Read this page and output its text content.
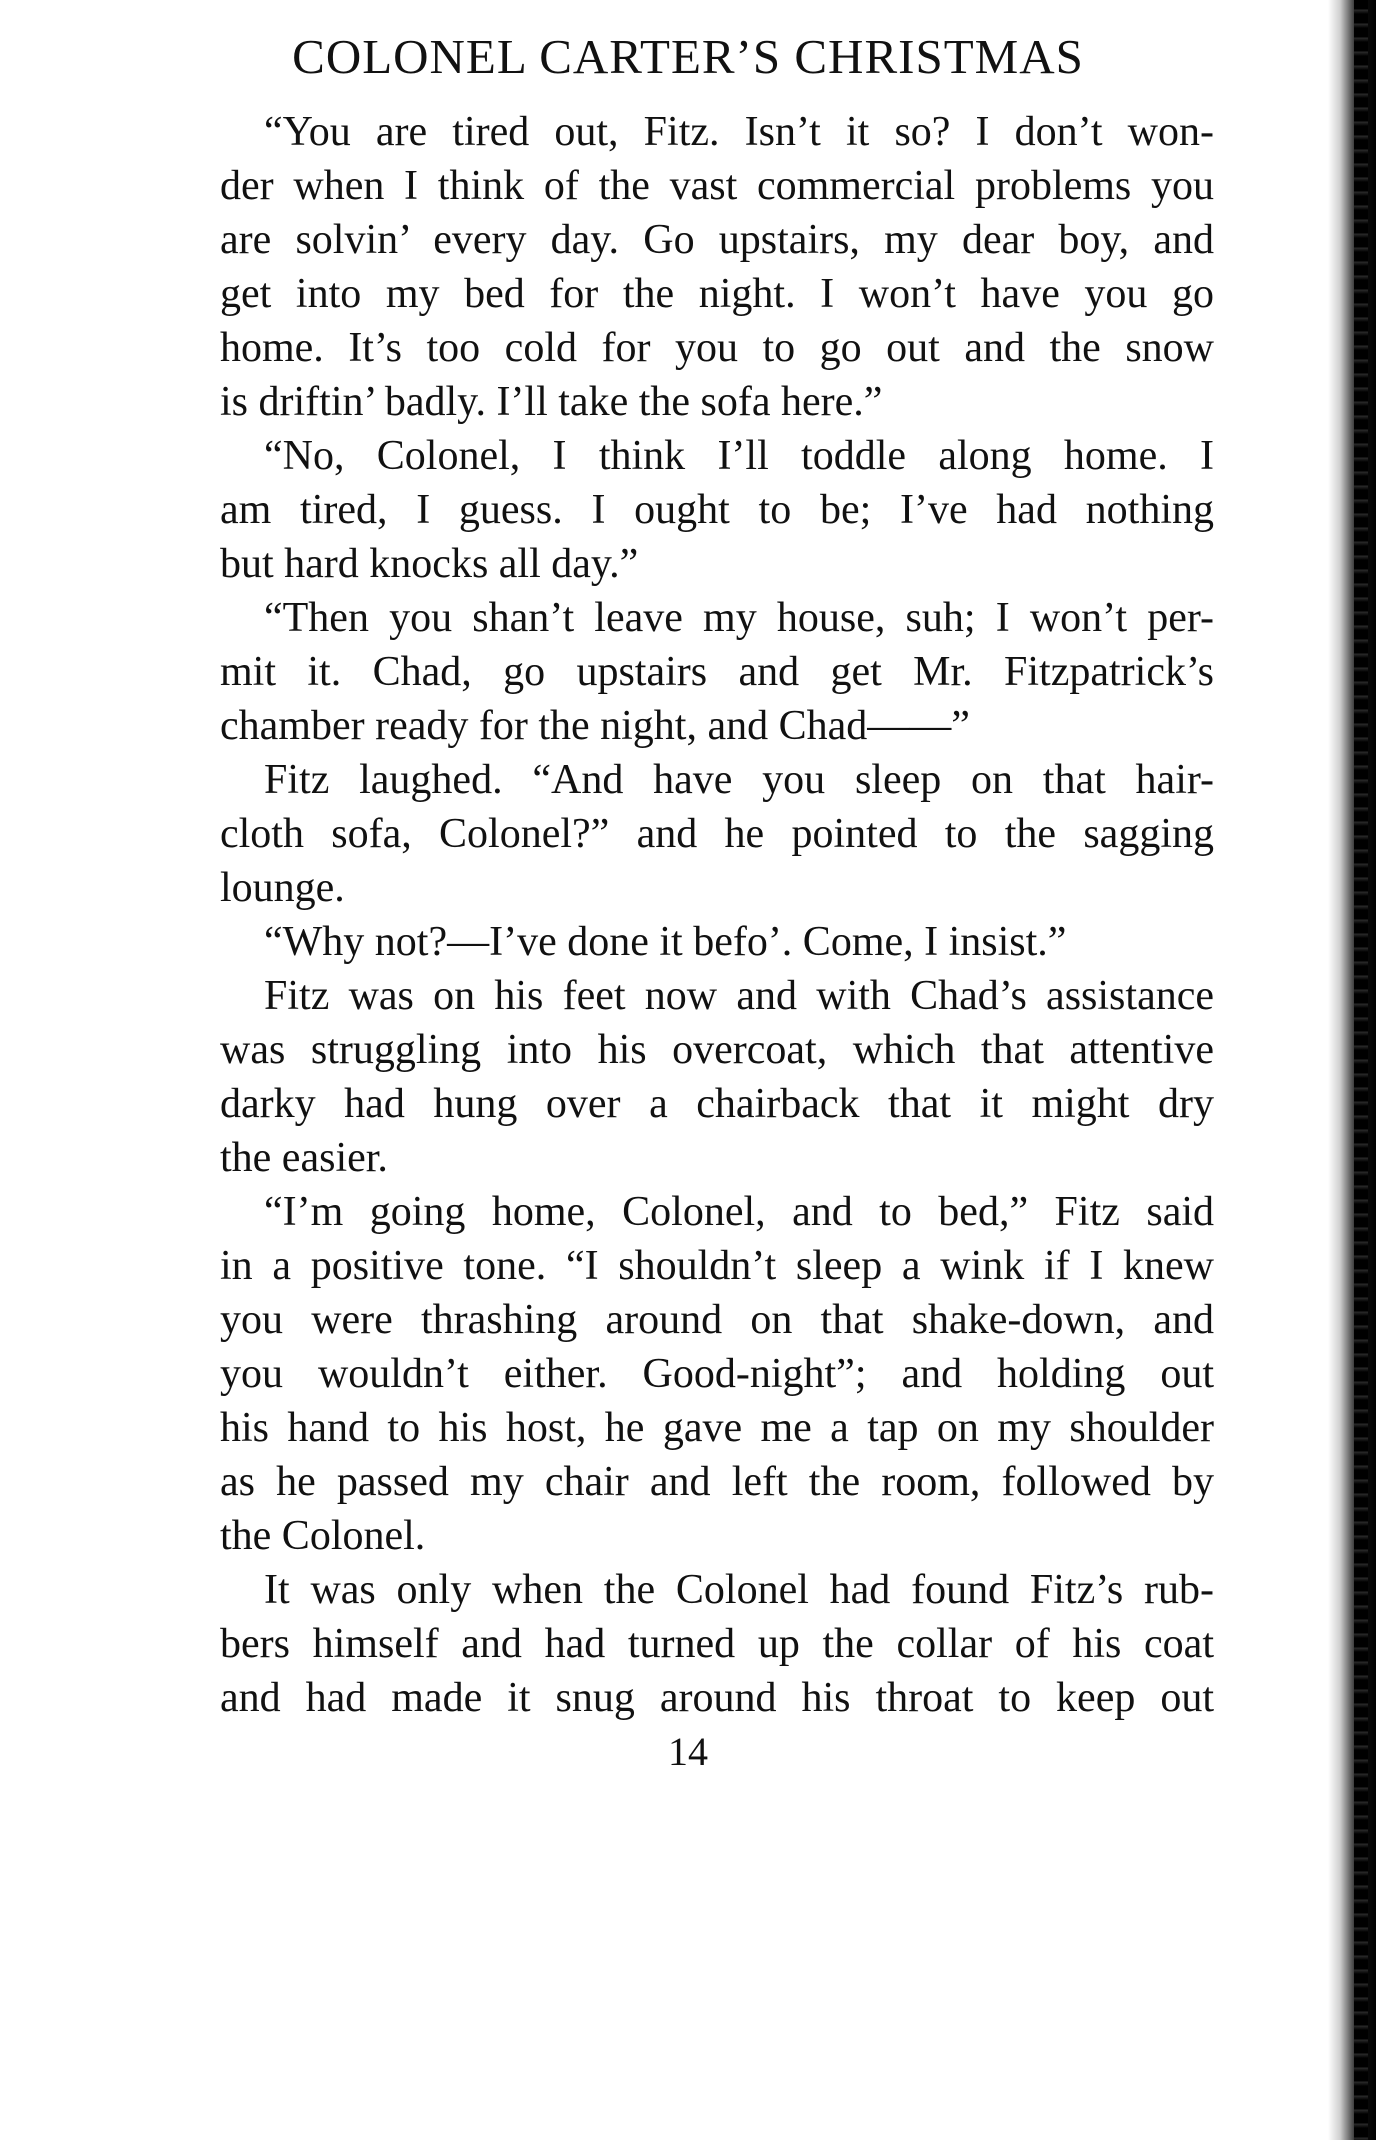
COLONEL CARTER’S CHRISTMAS
“You are tired out, Fitz. Isn’t it so? I don’t won-
der when I think of the vast commercial problems you
are solvin’ every day. Go upstairs, my dear boy, and
get into my bed for the night. I won’t have you go
home. It’s too cold for you to go out and the snow
is driftin’ badly. I’ll take the sofa here.”
“No, Colonel, I think I’ll toddle along home. I
am tired, I guess. I ought to be; I’ve had nothing
but hard knocks all day.”
“Then you shan’t leave my house, suh; I won’t per-
mit it. Chad, go upstairs and get Mr. Fitzpatrick’s
chamber ready for the night, and Chad——”
Fitz laughed. “And have you sleep on that hair-
cloth sofa, Colonel?” and he pointed to the sagging
lounge.
“Why not?—I’ve done it befo’. Come, I insist.”
Fitz was on his feet now and with Chad’s assistance
was struggling into his overcoat, which that attentive
darky had hung over a chairback that it might dry
the easier.
“I’m going home, Colonel, and to bed,” Fitz said
in a positive tone. “I shouldn’t sleep a wink if I knew
you were thrashing around on that shake-down, and
you wouldn’t either. Good-night”; and holding out
his hand to his host, he gave me a tap on my shoulder
as he passed my chair and left the room, followed by
the Colonel.
It was only when the Colonel had found Fitz’s rub-
bers himself and had turned up the collar of his coat
and had made it snug around his throat to keep out
14
